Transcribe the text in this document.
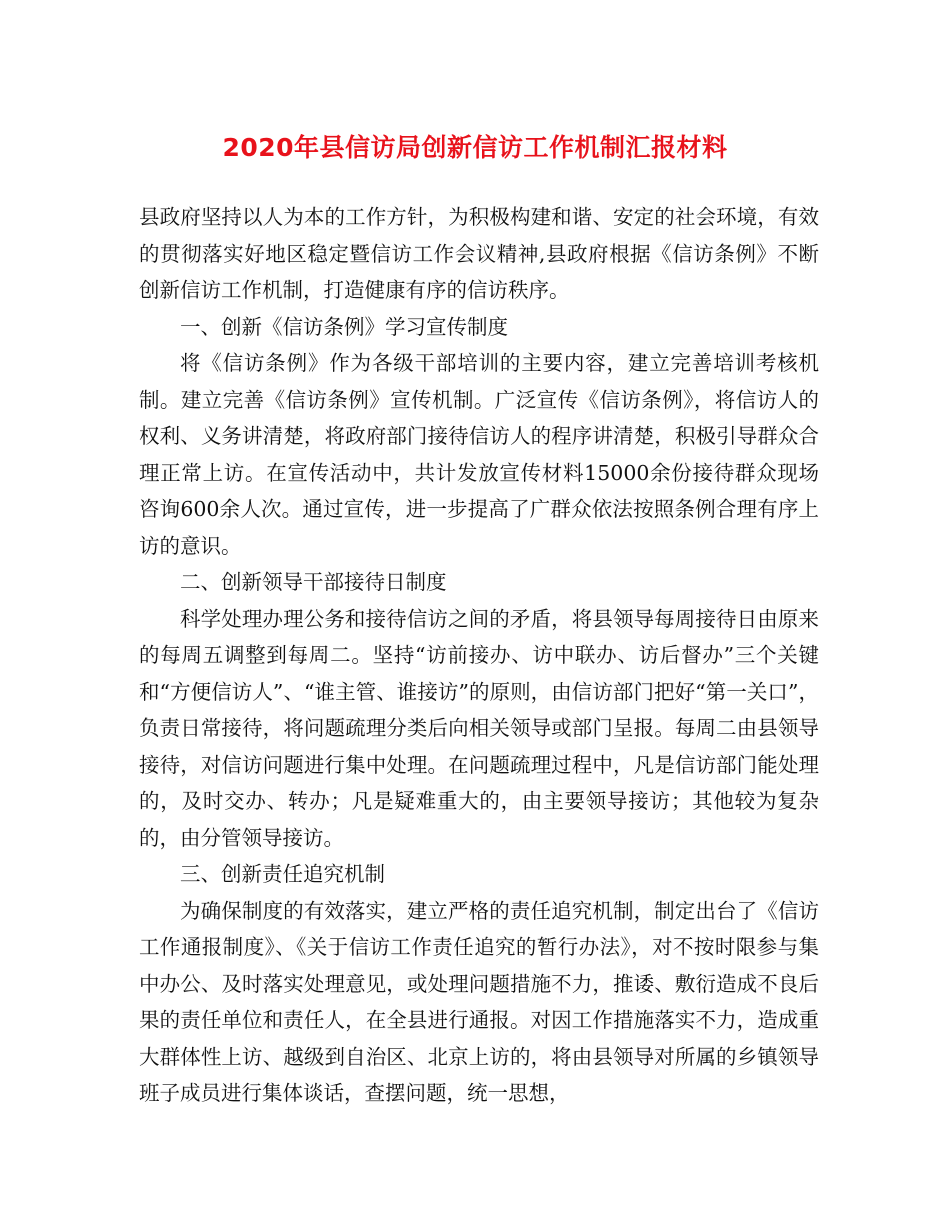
2020年县信访局创新信访工作机制汇报材料

县政府坚持以人为本的工作方针，为积极构建和谐、安定的社会环境，有效的贯彻落实好地区稳定暨信访工作会议精神,县政府根据《信访条例》不断创新信访工作机制，打造健康有序的信访秩序。

一、创新《信访条例》学习宣传制度

将《信访条例》作为各级干部培训的主要内容，建立完善培训考核机制。建立完善《信访条例》宣传机制。广泛宣传《信访条例》，将信访人的权利、义务讲清楚，将政府部门接待信访人的程序讲清楚，积极引导群众合理正常上访。在宣传活动中，共计发放宣传材料15000余份接待群众现场咨询600余人次。通过宣传，进一步提高了广群众依法按照条例合理有序上访的意识。

二、创新领导干部接待日制度

科学处理办理公务和接待信访之间的矛盾，将县领导每周接待日由原来的每周五调整到每周二。坚持“访前接办、访中联办、访后督办”三个关键和“方便信访人”、“谁主管、谁接访”的原则，由信访部门把好“第一关口”，负责日常接待，将问题疏理分类后向相关领导或部门呈报。每周二由县领导接待，对信访问题进行集中处理。在问题疏理过程中，凡是信访部门能处理的，及时交办、转办；凡是疑难重大的，由主要领导接访；其他较为复杂的，由分管领导接访。

三、创新责任追究机制

为确保制度的有效落实，建立严格的责任追究机制，制定出台了《信访工作通报制度》、《关于信访工作责任追究的暂行办法》，对不按时限参与集中办公、及时落实处理意见，或处理问题措施不力，推诿、敷衍造成不良后果的责任单位和责任人，在全县进行通报。对因工作措施落实不力，造成重大群体性上访、越级到自治区、北京上访的，将由县领导对所属的乡镇领导班子成员进行集体谈话，查摆问题，统一思想，
